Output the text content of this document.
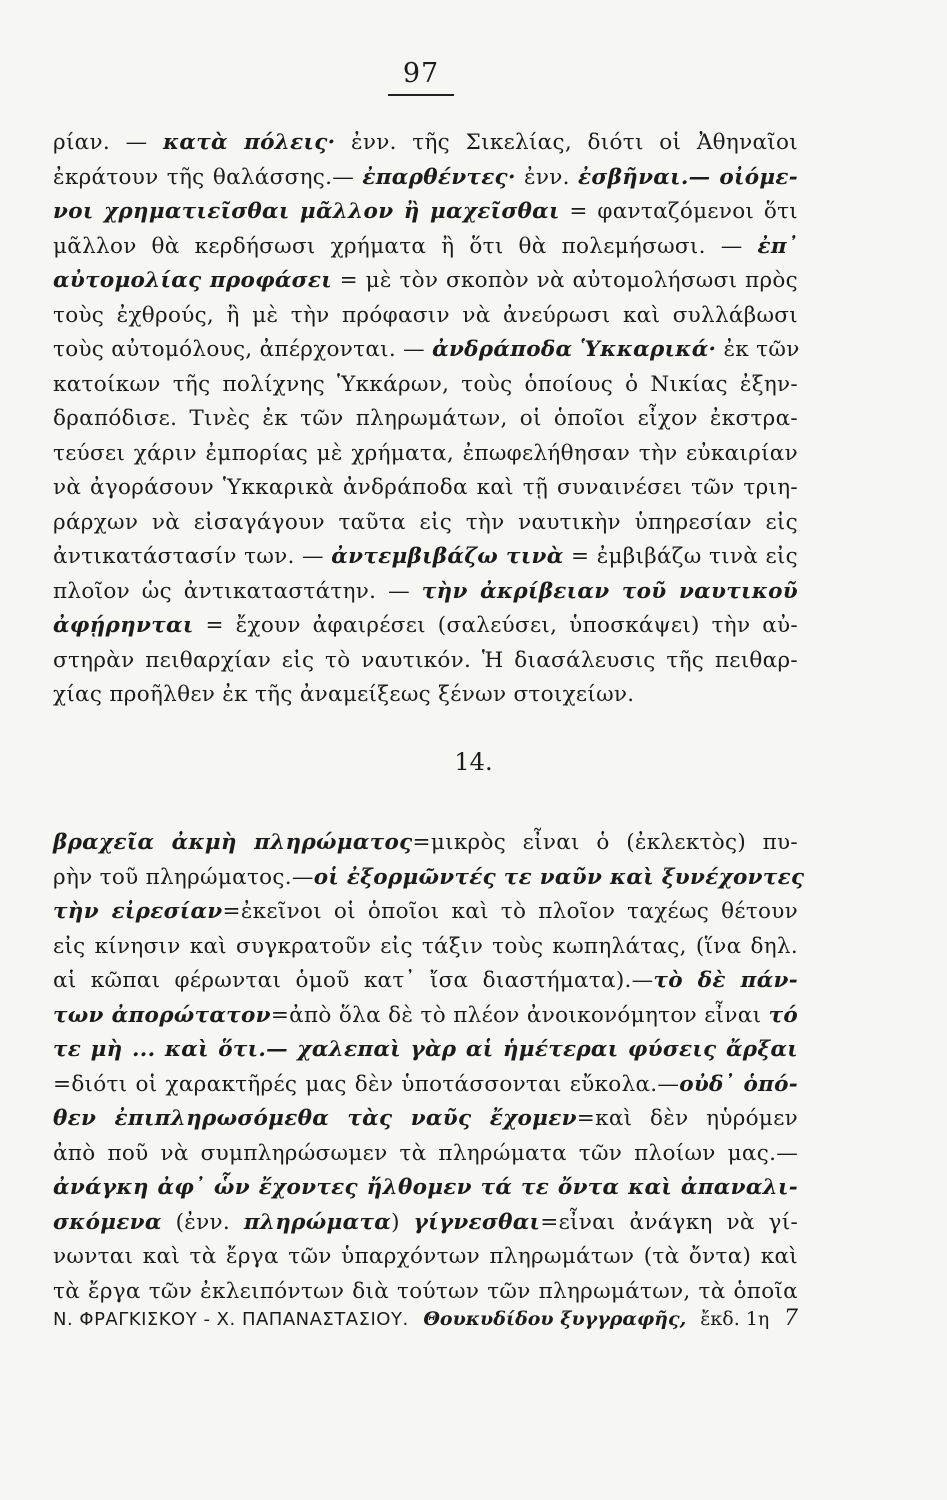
97
ρίαν. — κατὰ πόλεις· ἐνν. τῆς Σικελίας, διότι οἱ Ἀθηναῖοι
ἐκράτουν τῆς θαλάσσης.— ἐπαρθέντες· ἐνν. ἐσβῆναι.— οἰόμε-
νοι χρηματιεῖσθαι μᾶλλον ἢ μαχεῖσθαι = φανταζόμενοι ὅτι
μᾶλλον θὰ κερδήσωσι χρήματα ἢ ὅτι θὰ πολεμήσωσι. — ἐπ᾽
αὐτομολίας προφάσει = μὲ τὸν σκοπὸν νὰ αὐτομολήσωσι πρὸς
τοὺς ἐχθρούς, ἢ μὲ τὴν πρόφασιν νὰ ἀνεύρωσι καὶ συλλάβωσι
τοὺς αὐτομόλους, ἀπέρχονται. — ἀνδράποδα Ὑκκαρικά· ἐκ τῶν
κατοίκων τῆς πολίχνης Ὑκκάρων, τοὺς ὁποίους ὁ Νικίας ἐξην-
δραπόδισε. Τινὲς ἐκ τῶν πληρωμάτων, οἱ ὁποῖοι εἶχον ἐκστρα-
τεύσει χάριν ἐμπορίας μὲ χρήματα, ἐπωφελήθησαν τὴν εὐκαιρίαν
νὰ ἀγοράσουν Ὑκκαρικὰ ἀνδράποδα καὶ τῇ συναινέσει τῶν τριη-
ράρχων νὰ εἰσαγάγουν ταῦτα εἰς τὴν ναυτικὴν ὑπηρεσίαν εἰς
ἀντικατάστασίν των. — ἀντεμβιβάζω τινὰ = ἐμβιβάζω τινὰ εἰς
πλοῖον ὡς ἀντικαταστάτην. — τὴν ἀκρίβειαν τοῦ ναυτικοῦ
ἀφῄρηνται = ἔχουν ἀφαιρέσει (σαλεύσει, ὑποσκάψει) τὴν αὐ-
στηρὰν πειθαρχίαν εἰς τὸ ναυτικόν. Ἡ διασάλευσις τῆς πειθαρ-
χίας προῆλθεν ἐκ τῆς ἀναμείξεως ξένων στοιχείων.
14.
βραχεῖα ἀκμὴ πληρώματος=μικρὸς εἶναι ὁ (ἐκλεκτὸς) πυ-
ρὴν τοῦ πληρώματος.—οἱ ἐξορμῶντές τε ναῦν καὶ ξυνέχοντες
τὴν εἰρεσίαν=ἐκεῖνοι οἱ ὁποῖοι καὶ τὸ πλοῖον ταχέως θέτουν
εἰς κίνησιν καὶ συγκρατοῦν εἰς τάξιν τοὺς κωπηλάτας, (ἵνα δηλ.
αἱ κῶπαι φέρωνται ὁμοῦ κατ᾽ ἴσα διαστήματα).—τὸ δὲ πάν-
των ἀπορώτατον=ἀπὸ ὅλα δὲ τὸ πλέον ἀνοικονόμητον εἶναι τό
τε μὴ ... καὶ ὅτι.— χαλεπαὶ γὰρ αἱ ἡμέτεραι φύσεις ἄρξαι
=διότι οἱ χαρακτῆρές μας δὲν ὑποτάσσονται εὔκολα.—οὐδ᾽ ὁπό-
θεν ἐπιπληρωσόμεθα τὰς ναῦς ἔχομεν=καὶ δὲν ηὑρόμεν
ἀπὸ ποῦ νὰ συμπληρώσωμεν τὰ πληρώματα τῶν πλοίων μας.—
ἀνάγκη ἀφ᾽ ὧν ἔχοντες ἤλθομεν τά τε ὄντα καὶ ἀπαναλι-
σκόμενα (ἐνν. πληρώματα) γίγνεσθαι=εἶναι ἀνάγκη νὰ γί-
νωνται καὶ τὰ ἔργα τῶν ὑπαρχόντων πληρωμάτων (τὰ ὄντα) καὶ
τὰ ἔργα τῶν ἐκλειπόντων διὰ τούτων τῶν πληρωμάτων, τὰ ὁποῖα
Ν. ΦΡΑΓΚΙΣΚΟΥ - Χ. ΠΑΠΑΝΑΣΤΑΣΙΟΥ. Θουκυδίδου ξυγγραφῆς, ἔκδ. 1η 7
